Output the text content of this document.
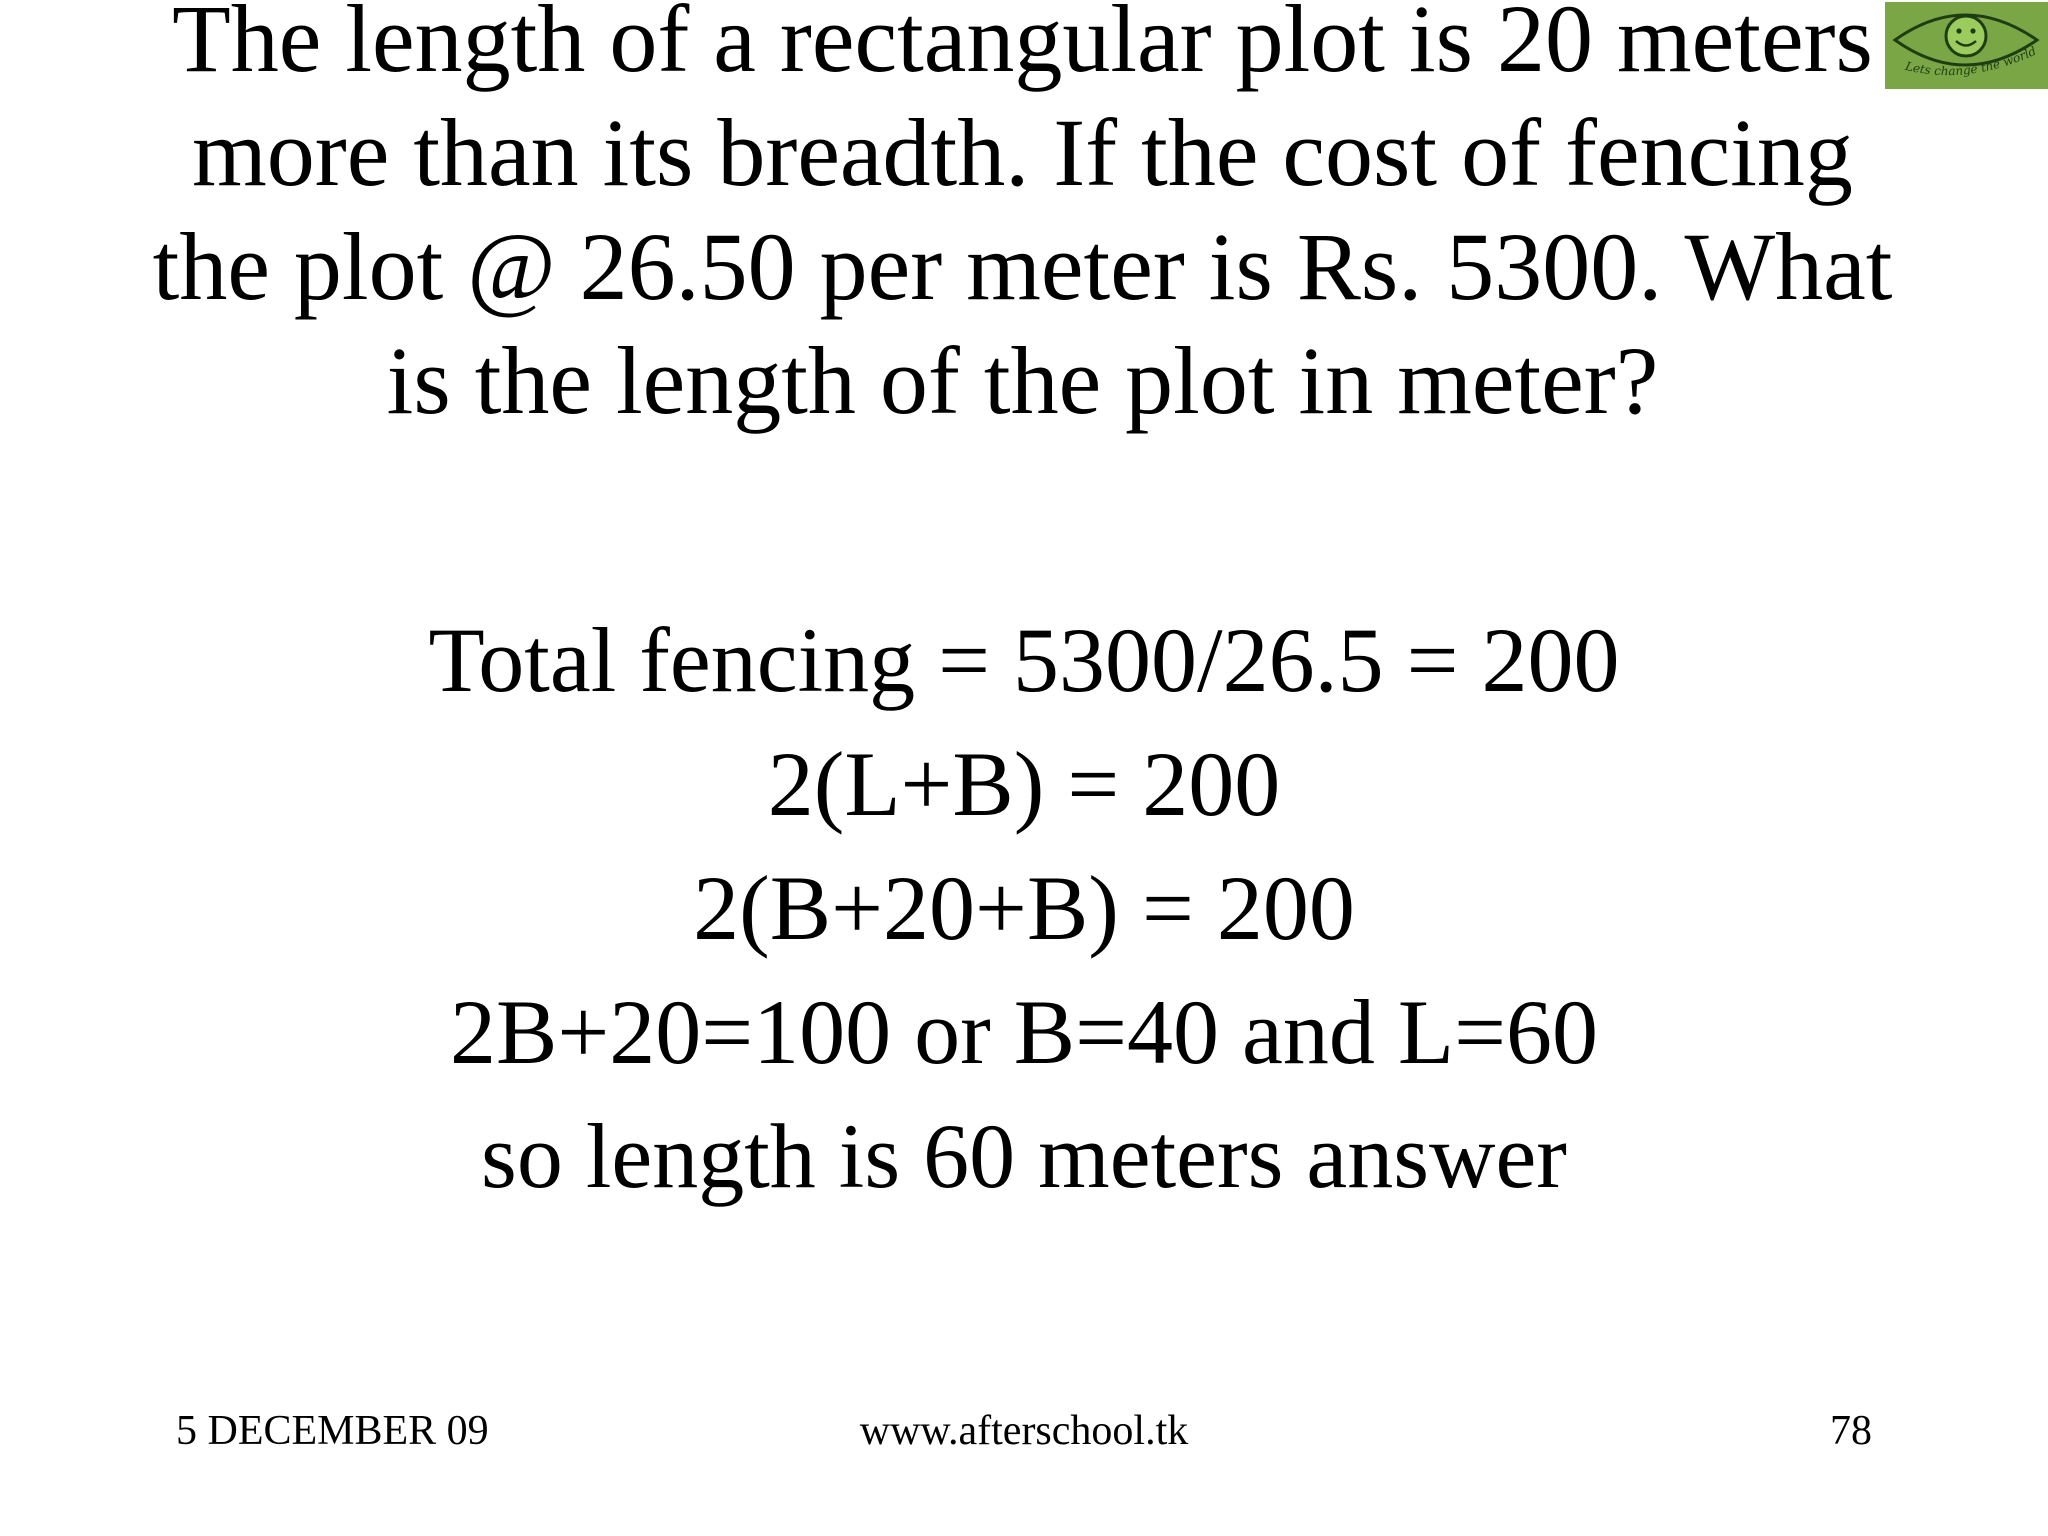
The length of a rectangular plot is 20 meters more than its breadth. If the cost of fencing the plot @ 26.50 per meter is Rs. 5300. What is the length of the plot in meter?
Total fencing = 5300/26.5 = 200
2(L+B) = 200
2(B+20+B) = 200
2B+20=100 or B=40 and L=60
so length is 60 meters answer
Lets change the world
5 DECEMBER 09	www.afterschool.tk	78
